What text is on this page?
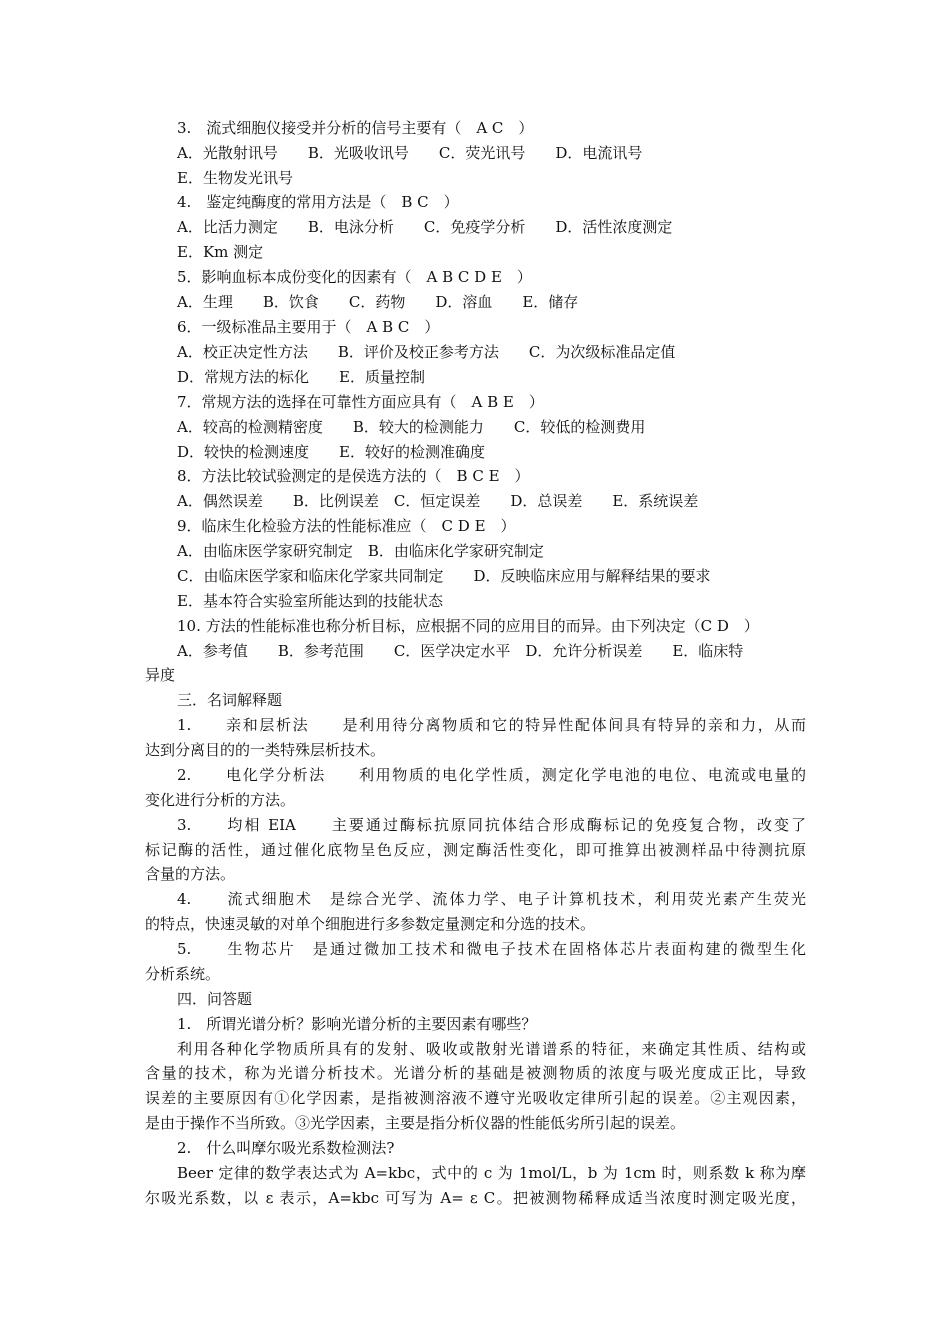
3.　流式细胞仪接受并分析的信号主要有（　A C　）
A．光散射讯号　　B．光吸收讯号　　C．荧光讯号　　D．电流讯号
E．生物发光讯号
4.　鉴定纯酶度的常用方法是（　B C　）
A．比活力测定　　B．电泳分析　　C．免疫学分析　　D．活性浓度测定
E．Km 测定
5．影响血标本成份变化的因素有（　A B C D E　）
A．生理　　B．饮食　　C．药物　　D．溶血　　E．储存
6．一级标准品主要用于（　A B C　）
A．校正决定性方法　　B．评价及校正参考方法　　C．为次级标准品定值
D．常规方法的标化　　E．质量控制
7．常规方法的选择在可靠性方面应具有（　A B E　）
A．较高的检测精密度　　B．较大的检测能力　　C．较低的检测费用
D．较快的检测速度　　E．较好的检测准确度
8．方法比较试验测定的是侯选方法的（　B C E　）
A．偶然误差　　B．比例误差　C．恒定误差　　D．总误差　　E．系统误差
9．临床生化检验方法的性能标准应（　C D E　）
A．由临床医学家研究制定　B．由临床化学家研究制定
C．由临床医学家和临床化学家共同制定　　D．反映临床应用与解释结果的要求
E．基本符合实验室所能达到的技能状态
10. 方法的性能标准也称分析目标，应根据不同的应用目的而异。由下列决定（C D　）
A．参考值　　B．参考范围　　C．医学决定水平　D．允许分析误差　　E．临床特
异度
三．名词解释题
1.　　亲和层析法　　是利用待分离物质和它的特异性配体间具有特异的亲和力，从而
达到分离目的的一类特殊层析技术。
2.　　电化学分析法　　利用物质的电化学性质，测定化学电池的电位、电流或电量的
变化进行分析的方法。
3.　　均相 EIA　　主要通过酶标抗原同抗体结合形成酶标记的免疫复合物，改变了
标记酶的活性，通过催化底物呈色反应，测定酶活性变化，即可推算出被测样品中待测抗原
含量的方法。
4.　　流式细胞术　是综合光学、流体力学、电子计算机技术，利用荧光素产生荧光
的特点，快速灵敏的对单个细胞进行多参数定量测定和分选的技术。
5.　　生物芯片　是通过微加工技术和微电子技术在固格体芯片表面构建的微型生化
分析系统。
四．问答题
1.　所谓光谱分析？影响光谱分析的主要因素有哪些？
利用各种化学物质所具有的发射、吸收或散射光谱谱系的特征，来确定其性质、结构或
含量的技术，称为光谱分析技术。光谱分析的基础是被测物质的浓度与吸光度成正比，导致
误差的主要原因有①化学因素，是指被测溶液不遵守光吸收定律所引起的误差。②主观因素，
是由于操作不当所致。③光学因素，主要是指分析仪器的性能低劣所引起的误差。
2.　什么叫摩尔吸光系数检测法?
Beer 定律的数学表达式为 A=kbc，式中的 c 为 1mol/L，b 为 1cm 时，则系数 k 称为摩
尔吸光系数，以 ε 表示，A=kbc 可写为 A= ε C。把被测物稀释成适当浓度时测定吸光度，
